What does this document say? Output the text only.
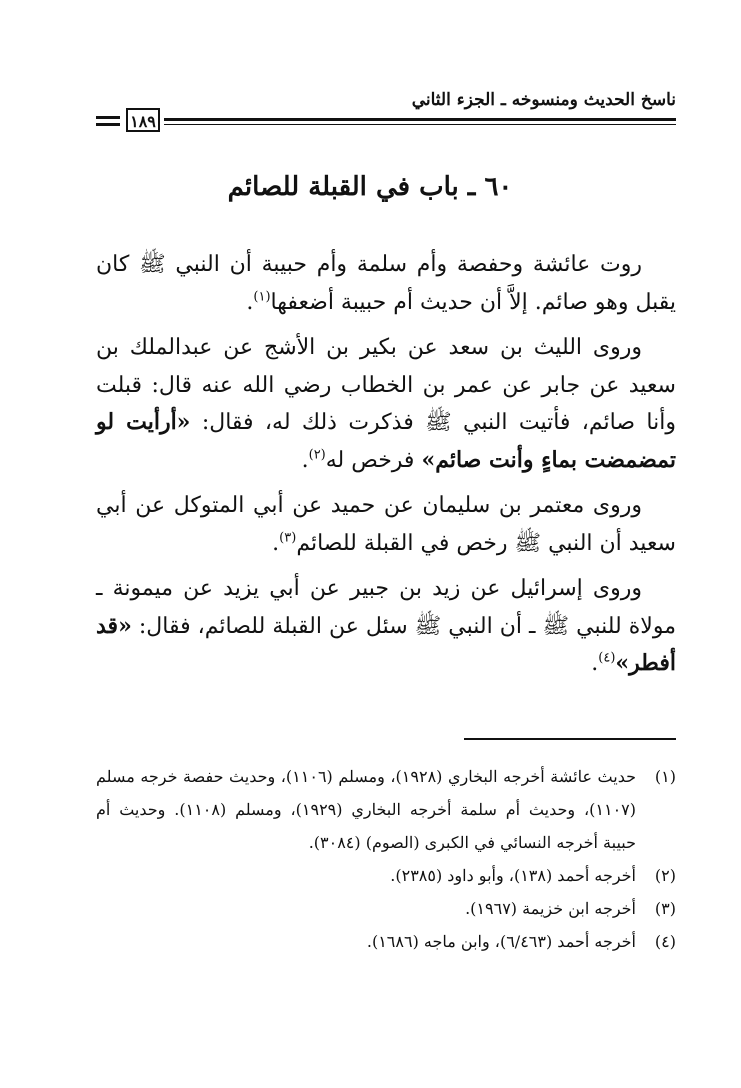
ناسخ الحديث ومنسوخه ـ الجزء الثاني
١٨٩
٦٠ ـ باب في القبلة للصائم

روت عائشة وحفصة وأم سلمة وأم حبيبة أن النبي ﷺ كان يقبل وهو صائم. إلاَّ أن حديث أم حبيبة أضعفها$^{(١)}$.

وروى الليث بن سعد عن بكير بن الأشج عن عبدالملك بن سعيد عن جابر عن عمر بن الخطاب رضي الله عنه قال: قبلت وأنا صائم، فأتيت النبي ﷺ فذكرت ذلك له، فقال: «أرأيت لو تمضمضت بماءٍ وأنت صائم» فرخص له$^{(٢)}$.

وروى معتمر بن سليمان عن حميد عن أبي المتوكل عن أبي سعيد أن النبي ﷺ رخص في القبلة للصائم$^{(٣)}$.

وروى إسرائيل عن زيد بن جبير عن أبي يزيد عن ميمونة ـ مولاة للنبي ﷺ ـ أن النبي ﷺ سئل عن القبلة للصائم، فقال: «قد أفطر»$^{(٤)}$.

(١)
حديث عائشة أخرجه البخاري (١٩٢٨)، ومسلم (١١٠٦)، وحديث حفصة خرجه مسلم (١١٠٧)، وحديث أم سلمة أخرجه البخاري (١٩٢٩)، ومسلم (١١٠٨). وحديث أم حبيبة أخرجه النسائي في الكبرى (الصوم) (٣٠٨٤).
(٢)
أخرجه أحمد (١٣٨)، وأبو داود (٢٣٨٥).
(٣)
أخرجه ابن خزيمة (١٩٦٧).
(٤)
أخرجه أحمد (٦/٤٦٣)، وابن ماجه (١٦٨٦).
